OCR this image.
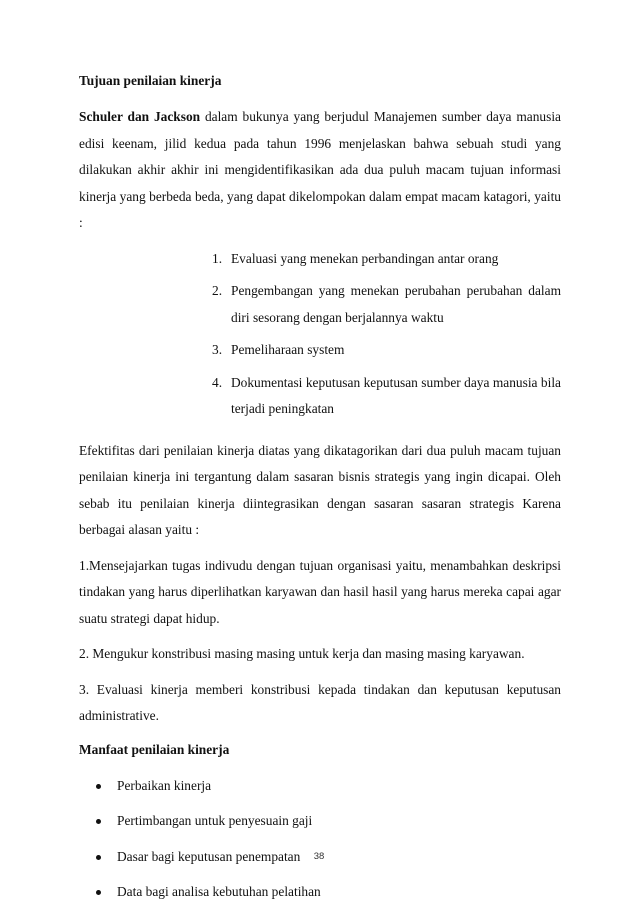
Tujuan penilaian kinerja

Schuler dan Jackson dalam bukunya yang berjudul Manajemen sumber daya manusia edisi keenam, jilid kedua pada tahun 1996 menjelaskan bahwa sebuah studi yang dilakukan akhir akhir ini mengidentifikasikan ada dua puluh macam tujuan informasi kinerja yang berbeda beda, yang dapat dikelompokan dalam empat macam katagori, yaitu :

1. Evaluasi yang menekan perbandingan antar orang
2. Pengembangan yang menekan perubahan perubahan dalam diri sesorang dengan berjalannya waktu
3. Pemeliharaan system
4. Dokumentasi keputusan keputusan sumber daya manusia bila terjadi peningkatan

Efektifitas dari penilaian kinerja diatas yang dikatagorikan dari dua puluh macam tujuan penilaian kinerja ini tergantung dalam sasaran bisnis strategis yang ingin dicapai. Oleh sebab itu penilaian kinerja diintegrasikan dengan sasaran sasaran strategis Karena berbagai alasan yaitu :

1.Mensejajarkan tugas indivudu dengan tujuan organisasi yaitu, menambahkan deskripsi tindakan yang harus diperlihatkan karyawan dan hasil hasil yang harus mereka capai agar suatu strategi dapat hidup.

2. Mengukur konstribusi masing masing untuk kerja dan masing masing karyawan.

3. Evaluasi kinerja memberi konstribusi kepada tindakan dan keputusan keputusan administrative.

Manfaat penilaian kinerja

Perbaikan kinerja
Pertimbangan untuk penyesuain gaji
Dasar bagi keputusan penempatan
Data bagi analisa kebutuhan pelatihan
38
